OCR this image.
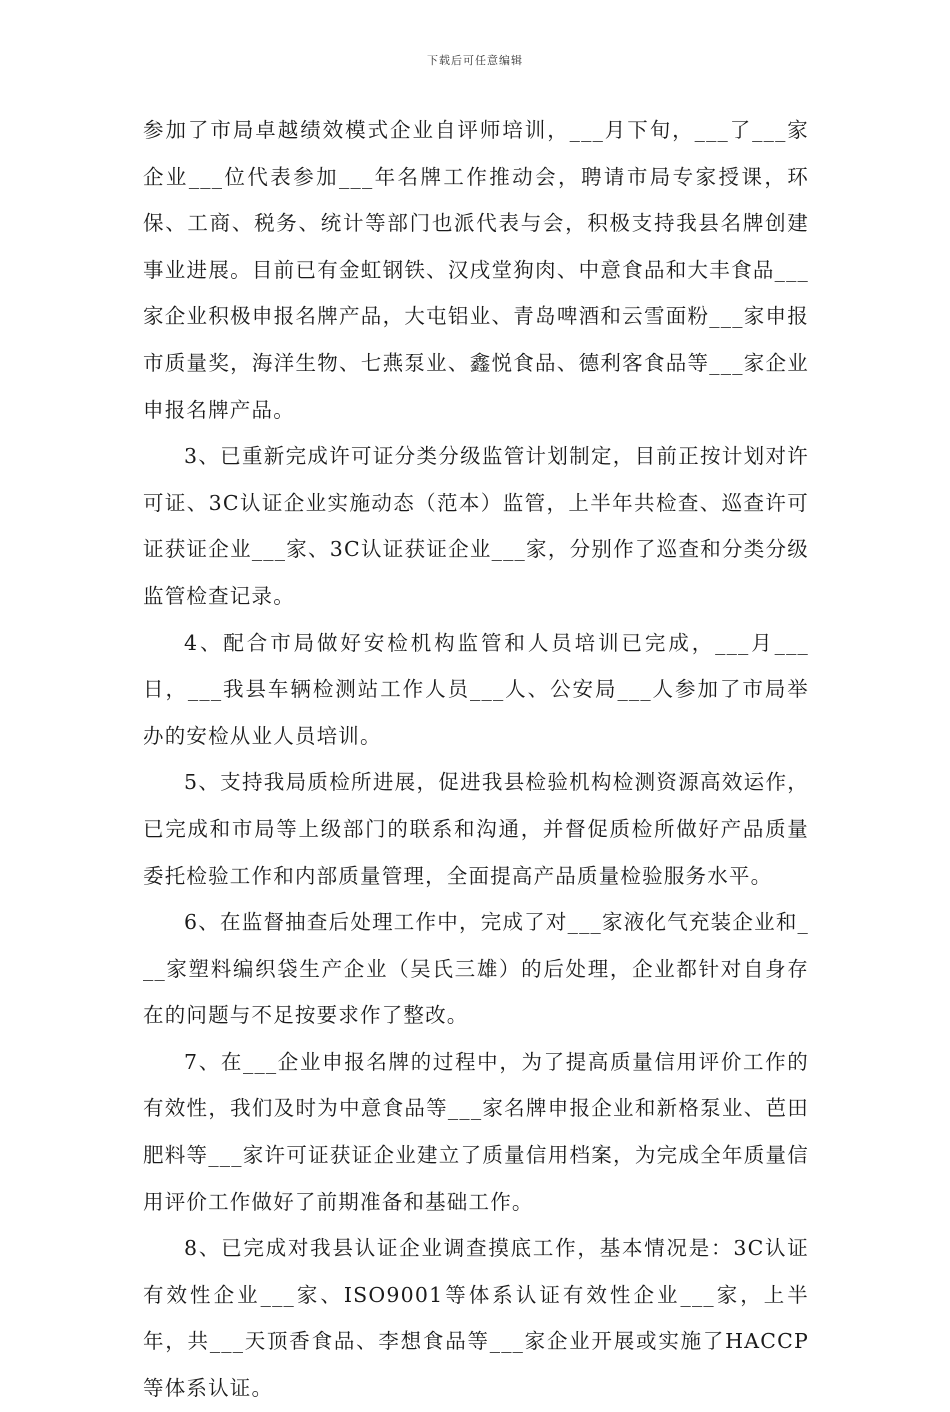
下载后可任意编辑

参加了市局卓越绩效模式企业自评师培训，___月下旬，___了___家企业___位代表参加___年名牌工作推动会，聘请市局专家授课，环保、工商、税务、统计等部门也派代表与会，积极支持我县名牌创建事业进展。目前已有金虹钢铁、汉戌堂狗肉、中意食品和大丰食品___家企业积极申报名牌产品，大屯铝业、青岛啤酒和云雪面粉___家申报市质量奖，海洋生物、七燕泵业、鑫悦食品、德利客食品等___家企业申报名牌产品。

3、已重新完成许可证分类分级监管计划制定，目前正按计划对许可证、3C认证企业实施动态（范本）监管，上半年共检查、巡查许可证获证企业___家、3C认证获证企业___家，分别作了巡查和分类分级监管检查记录。

4、配合市局做好安检机构监管和人员培训已完成，___月___日，___我县车辆检测站工作人员___人、公安局___人参加了市局举办的安检从业人员培训。

5、支持我局质检所进展，促进我县检验机构检测资源高效运作，已完成和市局等上级部门的联系和沟通，并督促质检所做好产品质量委托检验工作和内部质量管理，全面提高产品质量检验服务水平。

6、在监督抽查后处理工作中，完成了对___家液化气充装企业和___家塑料编织袋生产企业（吴氏三雄）的后处理，企业都针对自身存在的问题与不足按要求作了整改。

7、在___企业申报名牌的过程中，为了提高质量信用评价工作的有效性，我们及时为中意食品等___家名牌申报企业和新格泵业、芭田肥料等___家许可证获证企业建立了质量信用档案，为完成全年质量信用评价工作做好了前期准备和基础工作。

8、已完成对我县认证企业调查摸底工作，基本情况是：3C认证有效性企业___家、ISO9001等体系认证有效性企业___家，上半年，共___天顶香食品、李想食品等___家企业开展或实施了HACCP等体系认证。
